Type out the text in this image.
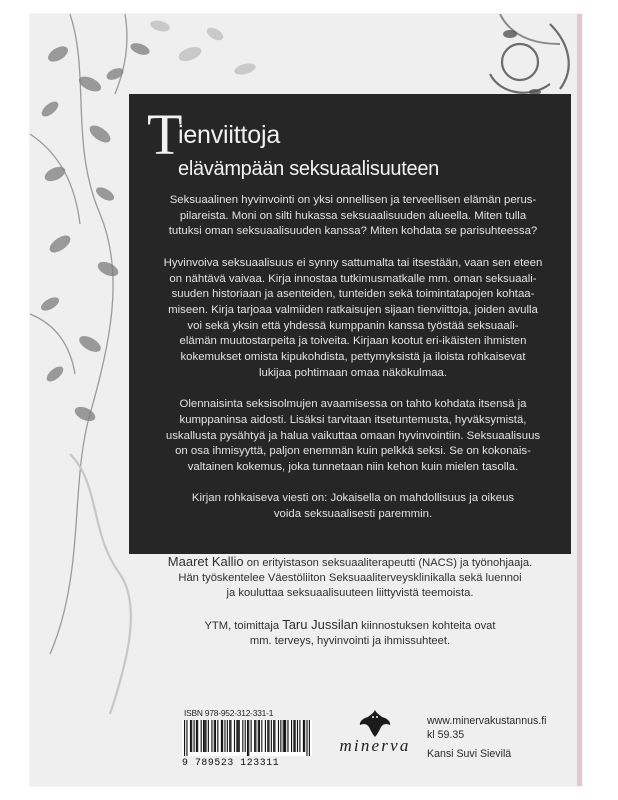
T
ienviittoja
elävämpään seksuaalisuuteen

Seksuaalinen hyvinvointi on yksi onnellisen ja terveellisen elämän perus-
pilareista. Moni on silti hukassa seksuaalisuuden alueella. Miten tulla
tutuksi oman seksuaalisuuden kanssa? Miten kohdata se parisuhteessa?

Hyvinvoiva seksuaalisuus ei synny sattumalta tai itsestään, vaan sen eteen
on nähtävä vaivaa. Kirja innostaa tutkimusmatkalle mm. oman seksuaali-
suuden historiaan ja asenteiden, tunteiden sekä toimintatapojen kohtaa-
miseen. Kirja tarjoaa valmiiden ratkaisujen sijaan tienviittoja, joiden avulla
voi sekä yksin että yhdessä kumppanin kanssa työstää seksuaali-
elämän muutostarpeita ja toiveita. Kirjaan kootut eri-ikäisten ihmisten
kokemukset omista kipukohdista, pettymyksistä ja iloista rohkaisevat
lukijaa pohtimaan omaa näkökulmaa.

Olennaisinta seksisolmujen avaamisessa on tahto kohdata itsensä ja
kumppaninsa aidosti. Lisäksi tarvitaan itsetuntemusta, hyväksymistä,
uskallusta pysähtyä ja halua vaikuttaa omaan hyvinvointiin. Seksuaalisuus
on osa ihmisyyttä, paljon enemmän kuin pelkkä seksi. Se on kokonais-
valtainen kokemus, joka tunnetaan niin kehon kuin mielen tasolla.

Kirjan rohkaiseva viesti on: Jokaisella on mahdollisuus ja oikeus
voida seksuaalisesti paremmin.

Maaret Kallio on erityistason seksuaaliterapeutti (NACS) ja työnohjaaja.
Hän työskentelee Väestöliiton Seksuaaliterveysklinikalla sekä luennoi
ja kouluttaa seksuaalisuuteen liittyvistä teemoista.

YTM, toimittaja Taru Jussilan kiinnostuksen kohteita ovat
mm. terveys, hyvinvointi ja ihmissuhteet.

ISBN 978-952-312-331-1
9 789523 123311
minerva
www.minervakustannus.fi
kl 59.35
Kansi Suvi Sievilä
